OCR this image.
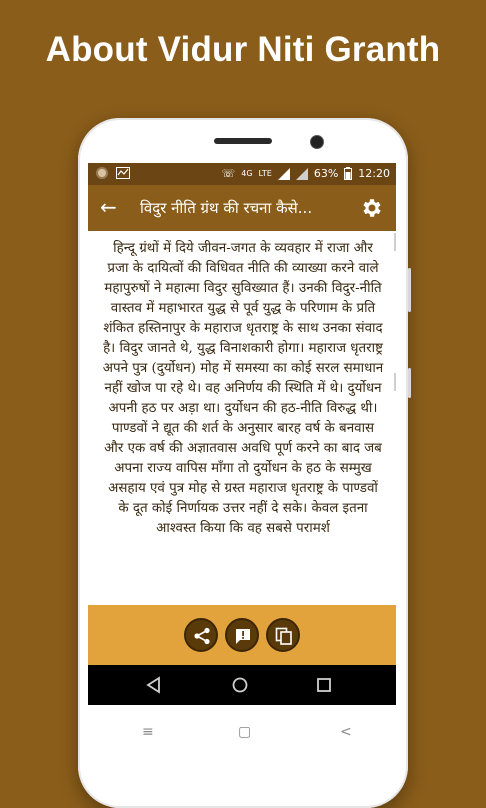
About Vidur Niti Granth
☏ 4G LTE	63% 12:20
← विदुर नीति ग्रंथ की रचना कैसे...
हिन्दू ग्रंथों में दिये जीवन-जगत के व्यवहार में राजा और प्रजा के दायित्वों की विधिवत नीति की व्याख्या करने वाले महापुरुषों ने महात्मा विदुर सुविख्यात हैं। उनकी विदुर-नीति वास्तव में महाभारत युद्ध से पूर्व युद्ध के परिणाम के प्रति शंकित हस्तिनापुर के महाराज धृतराष्ट्र के साथ उनका संवाद है। विदुर जानते थे, युद्ध विनाशकारी होगा। महाराज धृतराष्ट्र अपने पुत्र (दुर्योधन) मोह में समस्या का कोई सरल समाधान नहीं खोज पा रहे थे। वह अनिर्णय की स्थिति में थे। दुर्योधन अपनी हठ पर अड़ा था। दुर्योधन की हठ-नीति विरुद्ध थी। पाण्डवों ने द्यूत की शर्त के अनुसार बारह वर्ष के बनवास और एक वर्ष की अज्ञातवास अवधि पूर्ण करने का बाद जब अपना राज्य वापिस माँगा तो दुर्योधन के हठ के सम्मुख असहाय एवं पुत्र मोह से ग्रस्त महाराज धृतराष्ट्र के पाण्डवों के दूत कोई निर्णायक उत्तर नहीं दे सके। केवल इतना आश्वस्त किया कि वह सबसे परामर्श
≡	▢	<
